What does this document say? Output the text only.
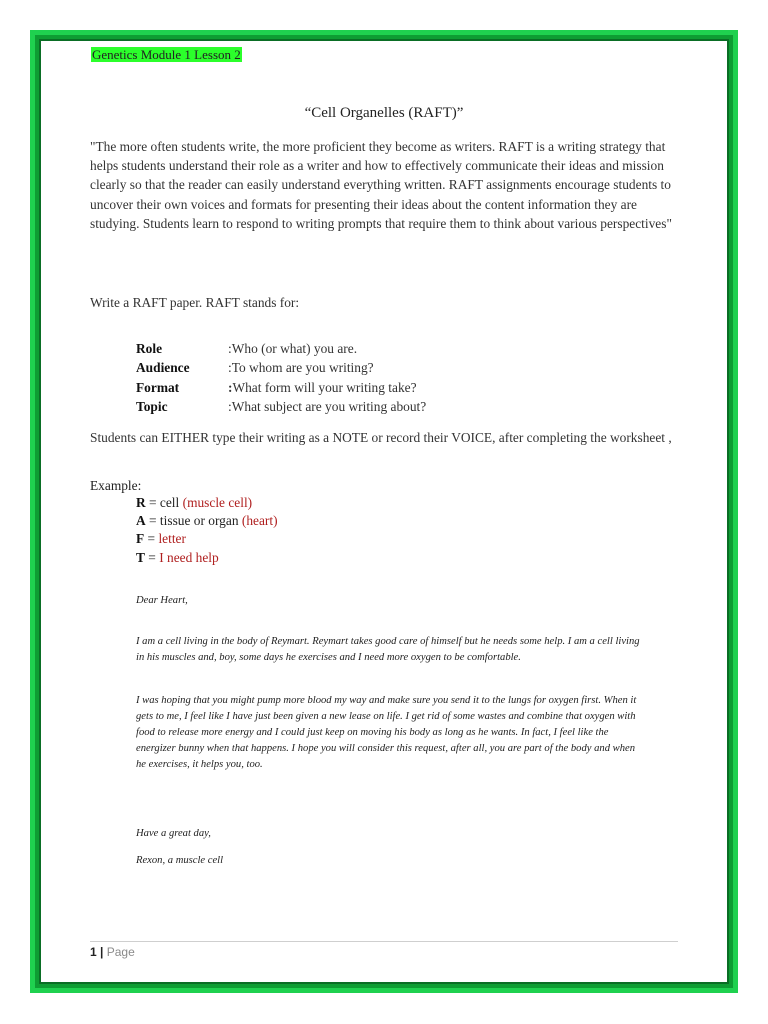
Genetics Module 1 Lesson 2
“Cell Organelles (RAFT)”
"The more often students write, the more proficient they become as writers. RAFT is a writing strategy that helps students understand their role as a writer and how to effectively communicate their ideas and mission clearly so that the reader can easily understand everything written. RAFT assignments encourage students to uncover their own voices and formats for presenting their ideas about the content information they are studying. Students learn to respond to writing prompts that require them to think about various perspectives"
Write a RAFT paper. RAFT stands for:
Role	: Who (or what) you are.
Audience	: To whom are you writing?
Format	: What form will your writing take?
Topic	: What subject are you writing about?
Students can EITHER type their writing as a NOTE or record their VOICE, after completing the worksheet ,
Example:
R = cell (muscle cell)
A = tissue or organ (heart)
F = letter
T = I need help
Dear Heart,
I am a cell living in the body of Reymart. Reymart takes good care of himself but he needs some help. I am a cell living in his muscles and, boy, some days he exercises and I need more oxygen to be comfortable.
I was hoping that you might pump more blood my way and make sure you send it to the lungs for oxygen first. When it gets to me, I feel like I have just been given a new lease on life. I get rid of some wastes and combine that oxygen with food to release more energy and I could just keep on moving his body as long as he wants. In fact, I feel like the energizer bunny when that happens. I hope you will consider this request, after all, you are part of the body and when he exercises, it helps you, too.
Have a great day,
Rexon, a muscle cell
1 | Page
